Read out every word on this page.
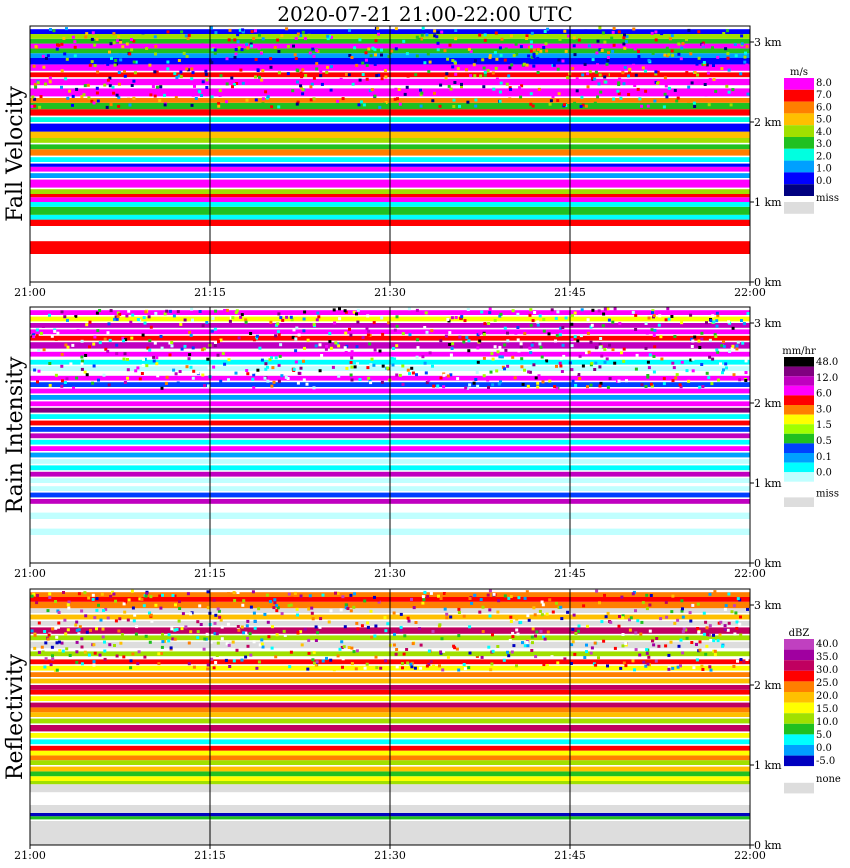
2020-07-21 21:00-22:00 UTC
21:00	21:15	21:30	21:45	22:00
0 km
1 km
2 km
3 km
Fall Velocity
m/s
miss
8.0
7.0
6.0
5.0
4.0
3.0
2.0
1.0
0.0
21:00	21:15	21:30	21:45	22:00
0 km
1 km
2 km
3 km
Rain Intensity
mm/hr
miss
48.0
12.0
6.0
3.0
1.5
0.5
0.1
0.0
21:00	21:15	21:30	21:45	22:00
0 km
1 km
2 km
3 km
Reflectivity
dBZ
none
40.0
35.0
30.0
25.0
20.0
15.0
10.0
5.0
0.0
-5.0
